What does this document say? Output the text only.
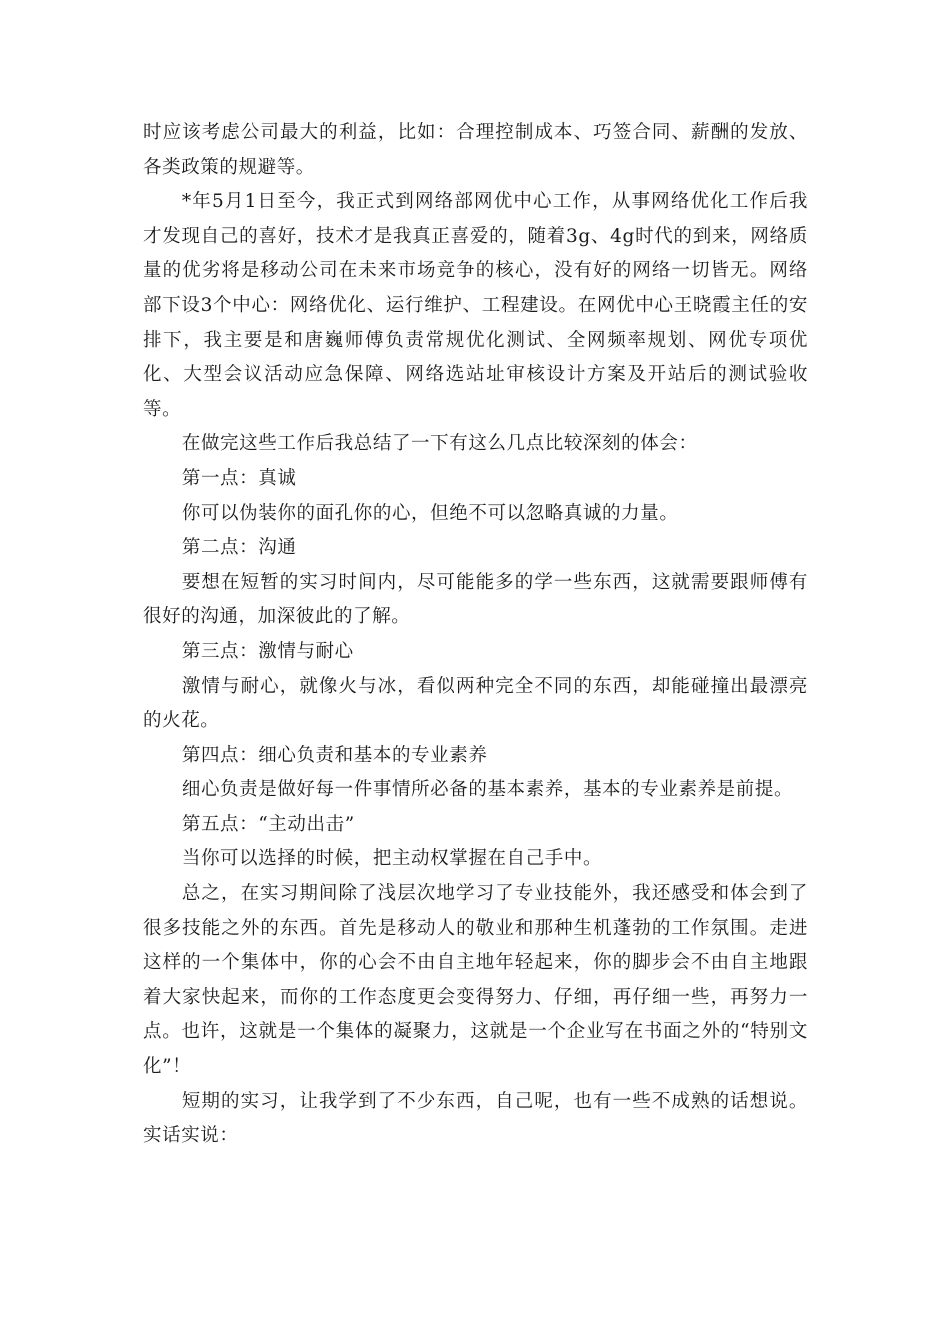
时应该考虑公司最大的利益，比如：合理控制成本、巧签合同、薪酬的发放、各类政策的规避等。

*年5月1日至今，我正式到网络部网优中心工作，从事网络优化工作后我才发现自己的喜好，技术才是我真正喜爱的，随着3g、4g时代的到来，网络质量的优劣将是移动公司在未来市场竞争的核心，没有好的网络一切皆无。网络部下设3个中心：网络优化、运行维护、工程建设。在网优中心王晓霞主任的安排下，我主要是和唐巍师傅负责常规优化测试、全网频率规划、网优专项优化、大型会议活动应急保障、网络选站址审核设计方案及开站后的测试验收等。

在做完这些工作后我总结了一下有这么几点比较深刻的体会：

第一点：真诚

你可以伪装你的面孔你的心，但绝不可以忽略真诚的力量。

第二点：沟通

要想在短暂的实习时间内，尽可能能多的学一些东西，这就需要跟师傅有很好的沟通，加深彼此的了解。

第三点：激情与耐心

激情与耐心，就像火与冰，看似两种完全不同的东西，却能碰撞出最漂亮的火花。

第四点：细心负责和基本的专业素养

细心负责是做好每一件事情所必备的基本素养，基本的专业素养是前提。

第五点：“主动出击”

当你可以选择的时候，把主动权掌握在自己手中。

总之，在实习期间除了浅层次地学习了专业技能外，我还感受和体会到了很多技能之外的东西。首先是移动人的敬业和那种生机蓬勃的工作氛围。走进这样的一个集体中，你的心会不由自主地年轻起来，你的脚步会不由自主地跟着大家快起来，而你的工作态度更会变得努力、仔细，再仔细一些，再努力一点。也许，这就是一个集体的凝聚力，这就是一个企业写在书面之外的“特别文化”！

短期的实习，让我学到了不少东西，自己呢，也有一些不成熟的话想说。实话实说：
